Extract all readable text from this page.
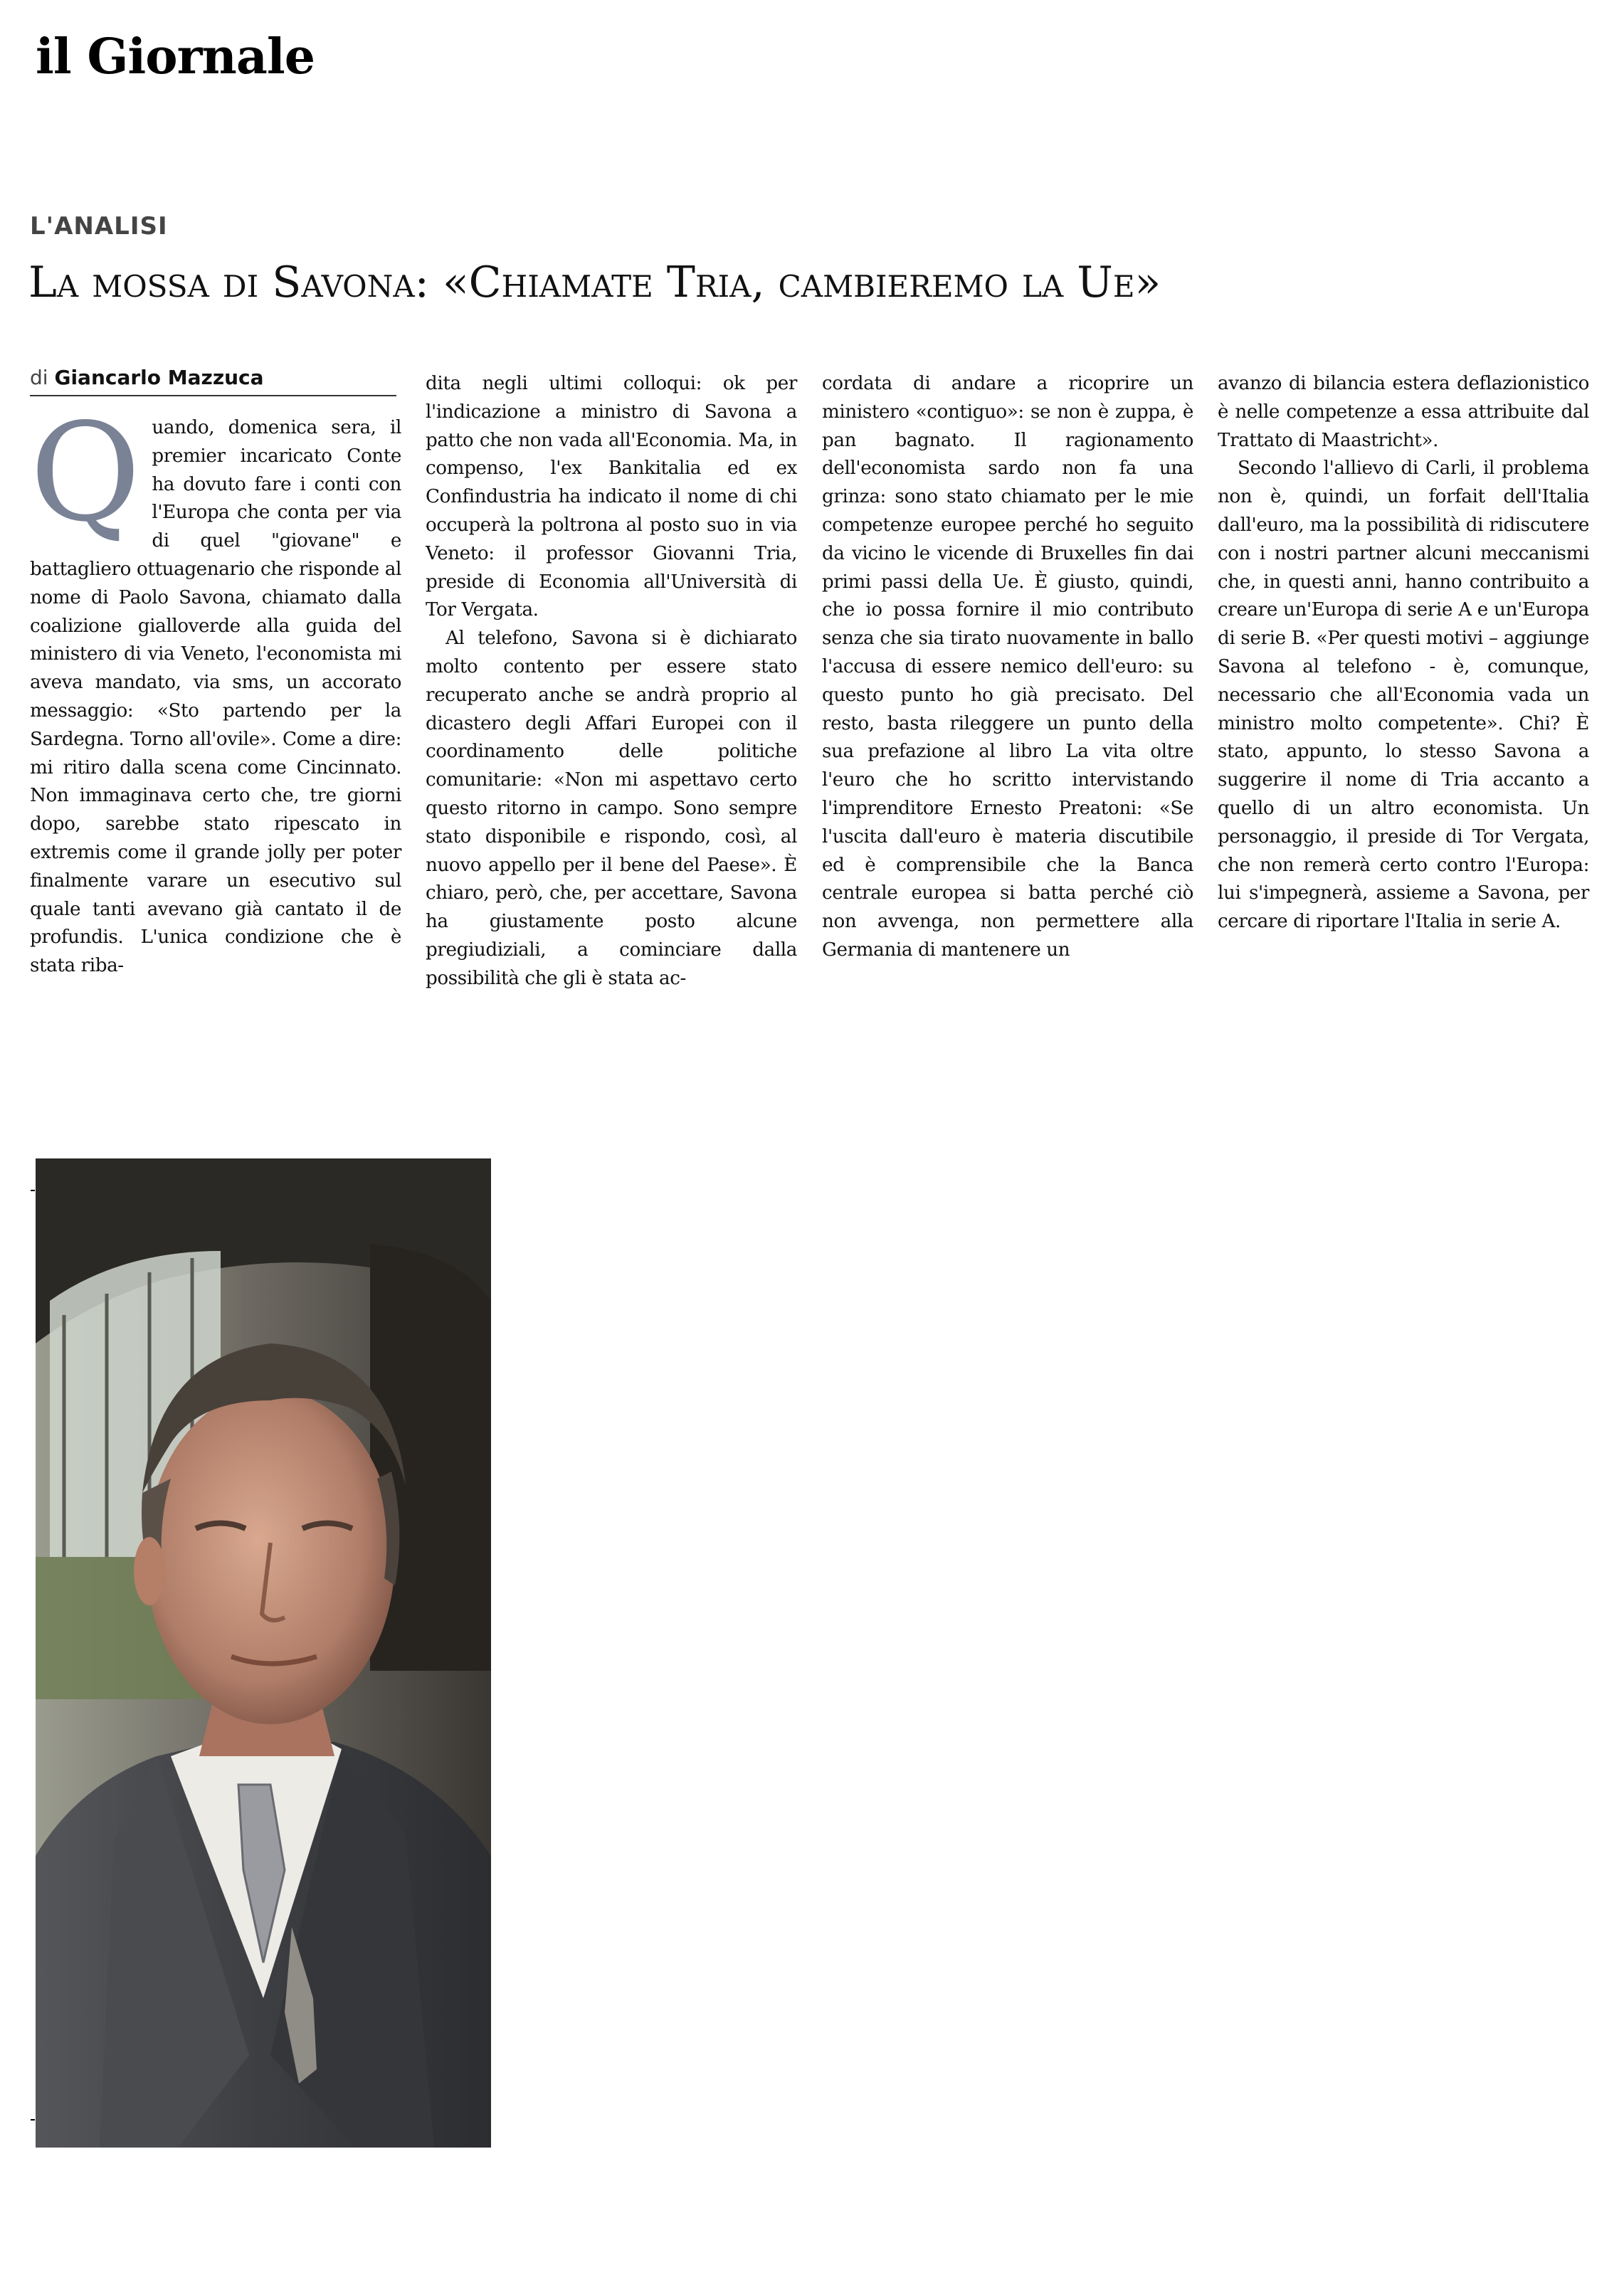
il Giornale
L'ANALISI
La mossa di Savona: «Chiamate Tria, cambieremo la Ue»
di Giancarlo Mazzuca

Quando, domenica sera, il premier incaricato Conte ha dovuto fare i conti con l'Europa che conta per via di quel "giovane" e battagliero ottuagenario che risponde al nome di Paolo Savona, chiamato dalla coalizione gialloverde alla guida del ministero di via Veneto, l'economista mi aveva mandato, via sms, un accorato messaggio: «Sto partendo per la Sardegna. Torno all'ovile». Come a dire: mi ritiro dalla scena come Cincinnato. Non immaginava certo che, tre giorni dopo, sarebbe stato ripescato in extremis come il grande jolly per poter finalmente varare un esecutivo sul quale tanti avevano già cantato il de profundis. L'unica condizione che è stata riba-

dita negli ultimi colloqui: ok per l'indicazione a ministro di Savona a patto che non vada all'Economia. Ma, in compenso, l'ex Bankitalia ed ex Confindustria ha indicato il nome di chi occuperà la poltrona al posto suo in via Veneto: il professor Giovanni Tria, preside di Economia all'Università di Tor Vergata.

Al telefono, Savona si è dichiarato molto contento per essere stato recuperato anche se andrà proprio al dicastero degli Affari Europei con il coordinamento delle politiche comunitarie: «Non mi aspettavo certo questo ritorno in campo. Sono sempre stato disponibile e rispondo, così, al nuovo appello per il bene del Paese». È chiaro, però, che, per accettare, Savona ha giustamente posto alcune pregiudiziali, a cominciare dalla possibilità che gli è stata ac-

cordata di andare a ricoprire un ministero «contiguo»: se non è zuppa, è pan bagnato. Il ragionamento dell'economista sardo non fa una grinza: sono stato chiamato per le mie competenze europee perché ho seguito da vicino le vicende di Bruxelles fin dai primi passi della Ue. È giusto, quindi, che io possa fornire il mio contributo senza che sia tirato nuovamente in ballo l'accusa di essere nemico dell'euro: su questo punto ho già precisato. Del resto, basta rileggere un punto della sua prefazione al libro La vita oltre l'euro che ho scritto intervistando l'imprenditore Ernesto Preatoni: «Se l'uscita dall'euro è materia discutibile ed è comprensibile che la Banca centrale europea si batta perché ciò non avvenga, non permettere alla Germania di mantenere un

avanzo di bilancia estera deflazionistico è nelle competenze a essa attribuite dal Trattato di Maastricht».

Secondo l'allievo di Carli, il problema non è, quindi, un forfait dell'Italia dall'euro, ma la possibilità di ridiscutere con i nostri partner alcuni meccanismi che, in questi anni, hanno contribuito a creare un'Europa di serie A e un'Europa di serie B. «Per questi motivi – aggiunge Savona al telefono - è, comunque, necessario che all'Economia vada un ministro molto competente». Chi? È stato, appunto, lo stesso Savona a suggerire il nome di Tria accanto a quello di un altro economista. Un personaggio, il preside di Tor Vergata, che non remerà certo contro l'Europa: lui s'impegnerà, assieme a Savona, per cercare di riportare l'Italia in serie A.
